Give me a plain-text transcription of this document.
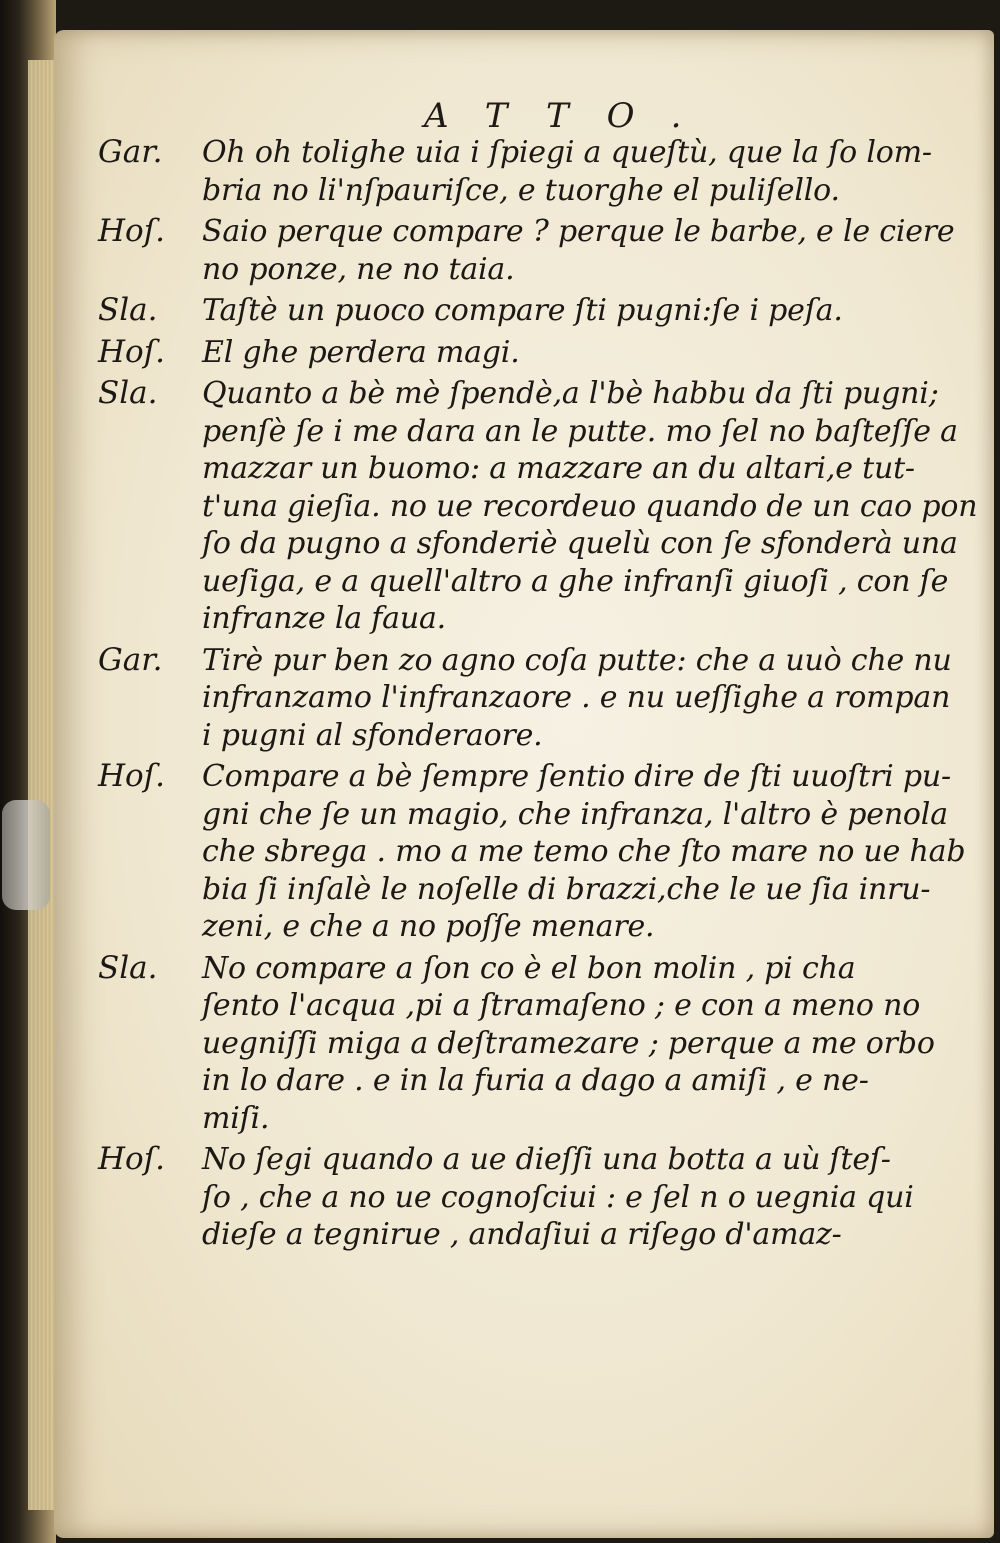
ATTO.
Gar.	Oh oh tolighe uia i ſpiegi a queſtù, que la ſo lom-
bria no li'nſpauriſce, e tuorghe el puliſello.
Hoſ.	Saio perque compare ? perque le barbe, e le ciere
no ponze, ne no taia.
Sla.	Taſtè un puoco compare ſti pugni:ſe i peſa.
Hoſ.	El ghe perdera magi.
Sla.	Quanto a bè mè ſpendè,a l'bè habbu da ſti pugni;
penſè ſe i me dara an le putte. mo ſel no baſteſſe a
mazzar un buomo: a mazzare an du altari,e tut-
t'una gieſia. no ue recordeuo quando de un cao pon
ſo da pugno a sfonderiè quelù con ſe sfonderà una
ueſiga, e a quell'altro a ghe infranſi giuoſi , con ſe
infranze la faua.
Gar.	Tirè pur ben zo agno coſa putte: che a uuò che nu
infranzamo l'infranzaore . e nu ueſſighe a rompan
i pugni al sfonderaore.
Hoſ.	Compare a bè ſempre ſentio dire de ſti uuoſtri pu-
gni che ſe un magio, che infranza, l'altro è penola
che sbrega . mo a me temo che ſto mare no ue hab
bia ſi inſalè le noſelle di brazzi,che le ue ſia inru-
zeni, e che a no poſſe menare.
Sla.	No compare a ſon co è el bon molin , pi cha
ſento l'acqua ,pi a ſtramaſeno ; e con a meno no
uegniſſi miga a deſtramezare ; perque a me orbo
in lo dare . e in la furia a dago a amiſi , e ne-
miſi.
Hoſ.	No ſegi quando a ue dieſſi una botta a uù ſteſ-
ſo , che a no ue cognoſciui : e ſel n o uegnia qui
dieſe a tegnirue , andaſiui a riſego d'amaz-
